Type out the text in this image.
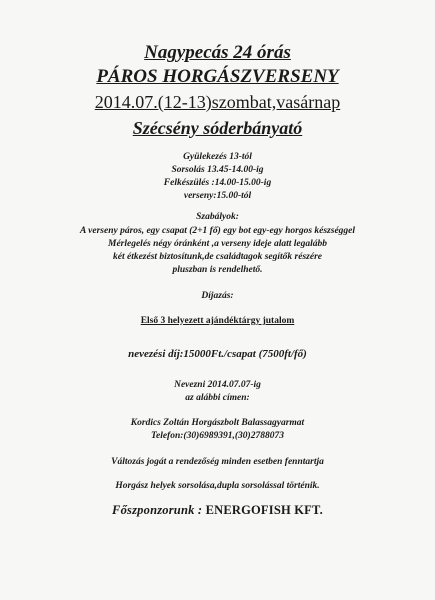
Nagypecás 24 órás
PÁROS HORGÁSZVERSENY
2014.07.(12-13)szombat,vasárnap
Szécsény sóderbányató
Gyülekezés 13-tól
Sorsolás 13.45-14.00-ig
Felkészülés :14.00-15.00-ig
verseny:15.00-tól
Szabályok:
A verseny páros, egy csapat (2+1 fő) egy bot egy-egy horgos készséggel
Mérlegelés négy óránként ,a verseny ideje alatt legalább
két étkezést biztosítunk,de családtagok segítők részére
pluszban is rendelhető.
Díjazás:
Első 3 helyezett ajándéktárgy jutalom
nevezési díj:15000Ft./csapat (7500ft/fő)
Nevezni 2014.07.07-ig
az alábbi címen:
Kordics Zoltán Horgászbolt Balassagyarmat
Telefon:(30)6989391,(30)2788073
Változás jogát a rendezőség minden esetben fenntartja
Horgász helyek sorsolása,dupla sorsolással történik.
Főszponzorunk : ENERGOFISH KFT.
